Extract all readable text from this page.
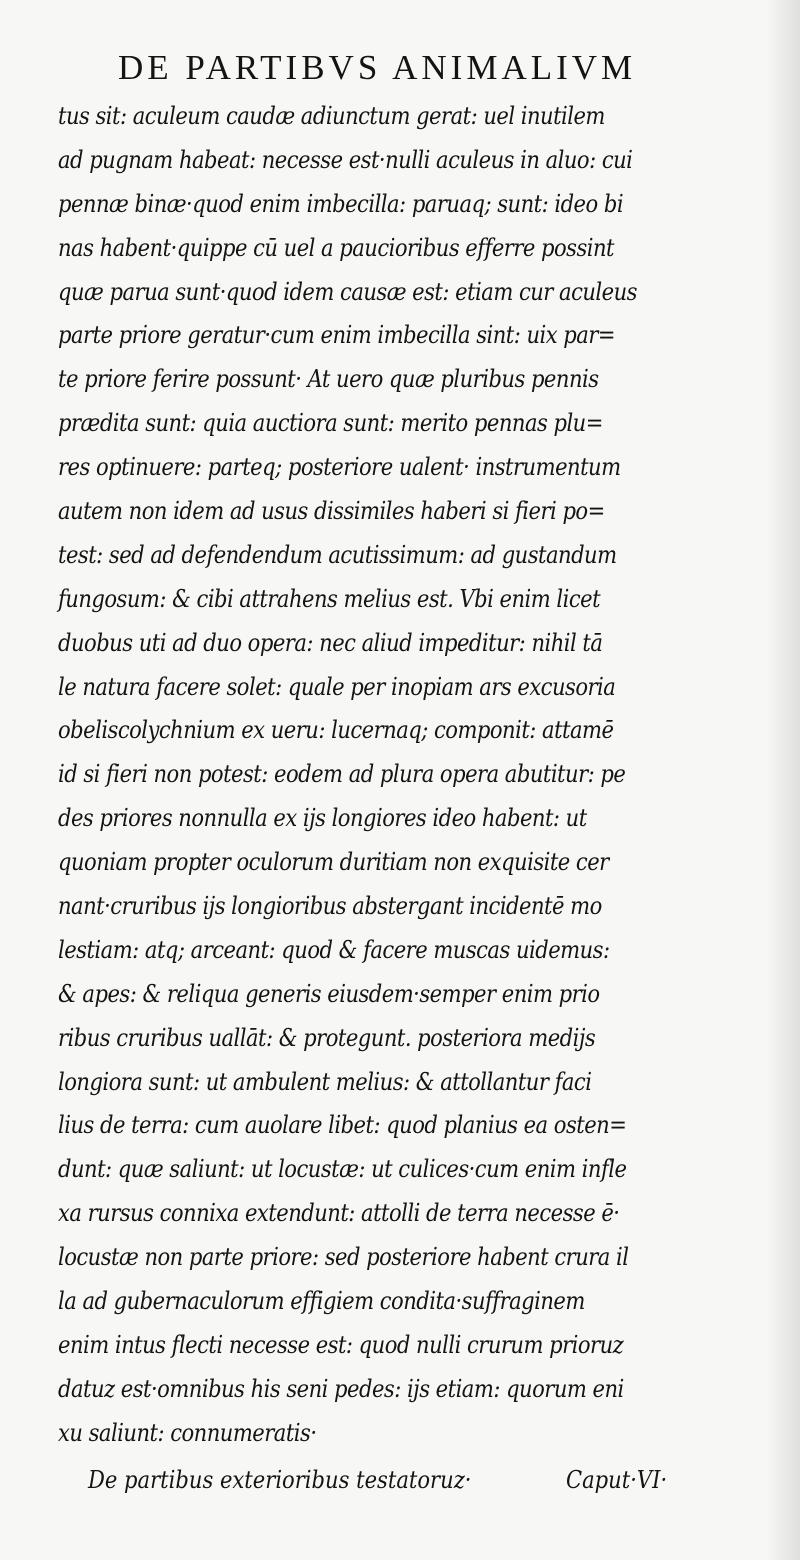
DE PARTIBVS ANIMALIVM
tus sit: aculeum caudæ adiunctum gerat: uel inutilem
ad pugnam habeat: necesse est·nulli aculeus in aluo: cui
pennæ binæ·quod enim imbecilla: paruaq; sunt: ideo bi
nas habent·quippe cū uel a paucioribus efferre possint
quæ parua sunt·quod idem causæ est: etiam cur aculeus
parte priore geratur·cum enim imbecilla sint: uix par=
te priore ferire possunt· At uero quæ pluribus pennis
prædita sunt: quia auctiora sunt: merito pennas plu=
res optinuere: parteq; posteriore ualent· instrumentum
autem non idem ad usus dissimiles haberi si fieri po=
test: sed ad defendendum acutissimum: ad gustandum
fungosum: & cibi attrahens melius est. Vbi enim licet
duobus uti ad duo opera: nec aliud impeditur: nihil tā
le natura facere solet: quale per inopiam ars excusoria
obeliscolychnium ex ueru: lucernaq; componit: attamē
id si fieri non potest: eodem ad plura opera abutitur: pe
des priores nonnulla ex ijs longiores ideo habent: ut
quoniam propter oculorum duritiam non exquisite cer
nant·cruribus ijs longioribus abstergant incidentē mo
lestiam: atq; arceant: quod & facere muscas uidemus:
& apes: & reliqua generis eiusdem·semper enim prio
ribus cruribus uallāt: & protegunt. posteriora medijs
longiora sunt: ut ambulent melius: & attollantur faci
lius de terra: cum auolare libet: quod planius ea osten=
dunt: quæ saliunt: ut locustæ: ut culices·cum enim infle
xa rursus connixa extendunt: attolli de terra necesse ē·
locustæ non parte priore: sed posteriore habent crura il
la ad gubernaculorum effigiem condita·suffraginem
enim intus flecti necesse est: quod nulli crurum prioruz
datuz est·omnibus his seni pedes: ijs etiam: quorum eni
xu saliunt: connumeratis·
De partibus exterioribus testatoruz·	Caput·VI·
